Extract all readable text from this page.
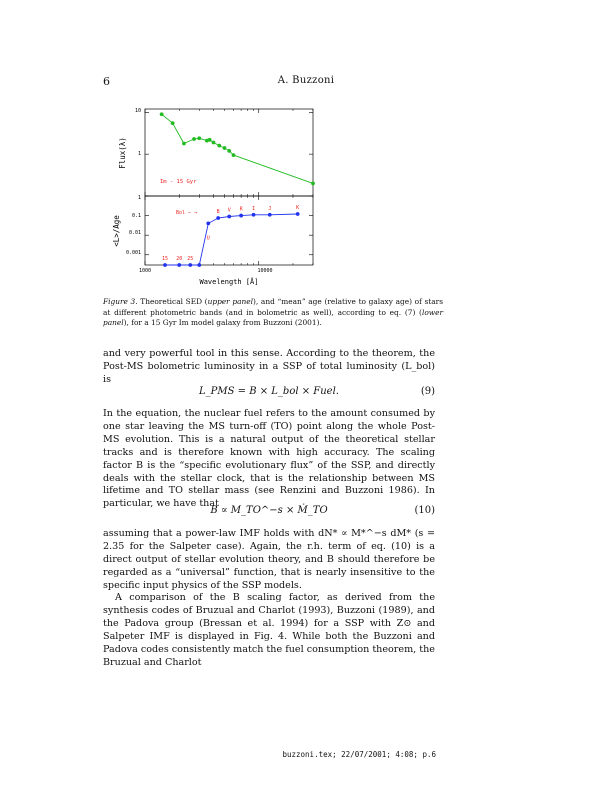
6	A. Buzzoni
Flux(λ) 1
10
Im - 15 Gyr
<L>/Age
0.001
0.01
0.1
1
1000	10000
Wavelength [Å]
Bol — →
15 20 25
U
B V R I	J	K
Figure 3. Theoretical SED (upper panel), and “mean” age (relative to galaxy age) of stars at different photometric bands (and in bolometric as well), according to eq. (7) (lower panel), for a 15 Gyr Im model galaxy from Buzzoni (2001).

and very powerful tool in this sense. According to the theorem, the Post-MS bolometric luminosity in a SSP of total luminosity (L_bol) is

L_PMS = B × L_bol × Fuel.	(9)

In the equation, the nuclear fuel refers to the amount consumed by one star leaving the MS turn-off (TO) point along the whole Post-MS evolution. This is a natural output of the theoretical stellar tracks and is therefore known with high accuracy. The scaling factor B is the “specific evolutionary flux” of the SSP, and directly deals with the stellar clock, that is the relationship between MS lifetime and TO stellar mass (see Renzini and Buzzoni 1986). In particular, we have that

B ∝ M_TO^−s × Ṁ_TO	(10)

assuming that a power-law IMF holds with dN* ∝ M*^−s dM* (s = 2.35 for the Salpeter case). Again, the r.h. term of eq. (10) is a direct output of stellar evolution theory, and B should therefore be regarded as a “universal” function, that is nearly insensitive to the specific input physics of the SSP models.

A comparison of the B scaling factor, as derived from the synthesis codes of Bruzual and Charlot (1993), Buzzoni (1989), and the Padova group (Bressan et al. 1994) for a SSP with Z⊙ and Salpeter IMF is displayed in Fig. 4. While both the Buzzoni and Padova codes consistently match the fuel consumption theorem, the Bruzual and Charlot

buzzoni.tex; 22/07/2001; 4:08; p.6
